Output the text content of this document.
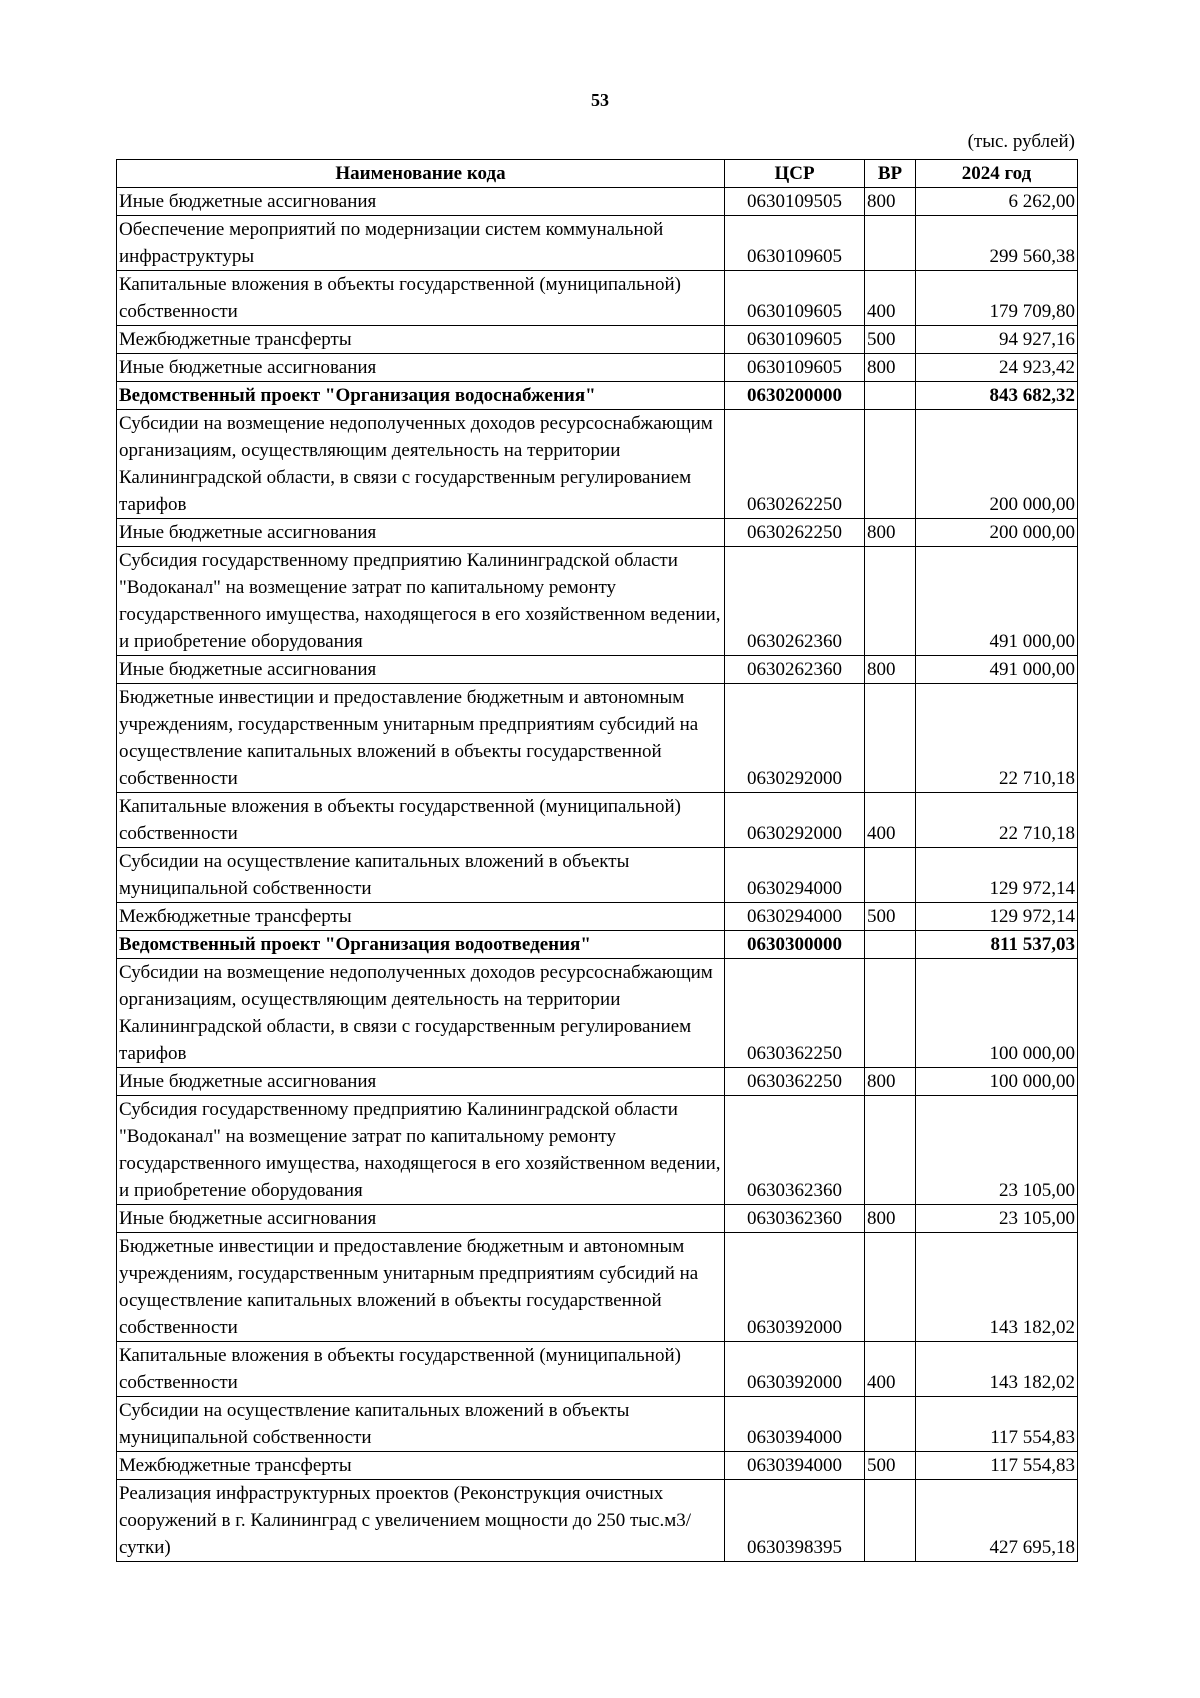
53
(тыс. рублей)
Наименование кода	ЦСР	ВР	2024 год
Иные бюджетные ассигнования	0630109505	800	6 262,00
Обеспечение мероприятий по модернизации систем коммунальной инфраструктуры	0630109605		299 560,38
Капитальные вложения в объекты государственной (муниципальной) собственности	0630109605	400	179 709,80
Межбюджетные трансферты	0630109605	500	94 927,16
Иные бюджетные ассигнования	0630109605	800	24 923,42
Ведомственный проект "Организация водоснабжения"	0630200000		843 682,32
Субсидии на возмещение недополученных доходов ресурсоснабжающим организациям, осуществляющим деятельность на территории Калининградской области, в связи с государственным регулированием тарифов	0630262250		200 000,00
Иные бюджетные ассигнования	0630262250	800	200 000,00
Субсидия государственному предприятию Калининградской области "Водоканал" на возмещение затрат по капитальному ремонту государственного имущества, находящегося в его хозяйственном ведении, и приобретение оборудования	0630262360		491 000,00
Иные бюджетные ассигнования	0630262360	800	491 000,00
Бюджетные инвестиции и предоставление бюджетным и автономным учреждениям, государственным унитарным предприятиям субсидий на осуществление капитальных вложений в объекты государственной собственности	0630292000		22 710,18
Капитальные вложения в объекты государственной (муниципальной) собственности	0630292000	400	22 710,18
Субсидии на осуществление капитальных вложений в объекты муниципальной собственности	0630294000		129 972,14
Межбюджетные трансферты	0630294000	500	129 972,14
Ведомственный проект "Организация водоотведения"	0630300000		811 537,03
Субсидии на возмещение недополученных доходов ресурсоснабжающим организациям, осуществляющим деятельность на территории Калининградской области, в связи с государственным регулированием тарифов	0630362250		100 000,00
Иные бюджетные ассигнования	0630362250	800	100 000,00
Субсидия государственному предприятию Калининградской области "Водоканал" на возмещение затрат по капитальному ремонту государственного имущества, находящегося в его хозяйственном ведении, и приобретение оборудования	0630362360		23 105,00
Иные бюджетные ассигнования	0630362360	800	23 105,00
Бюджетные инвестиции и предоставление бюджетным и автономным учреждениям, государственным унитарным предприятиям субсидий на осуществление капитальных вложений в объекты государственной собственности	0630392000		143 182,02
Капитальные вложения в объекты государственной (муниципальной) собственности	0630392000	400	143 182,02
Субсидии на осуществление капитальных вложений в объекты муниципальной собственности	0630394000		117 554,83
Межбюджетные трансферты	0630394000	500	117 554,83
Реализация инфраструктурных проектов (Реконструкция очистных сооружений в г. Калининград с увеличением мощности до 250 тыс.м3/сутки)	0630398395		427 695,18
